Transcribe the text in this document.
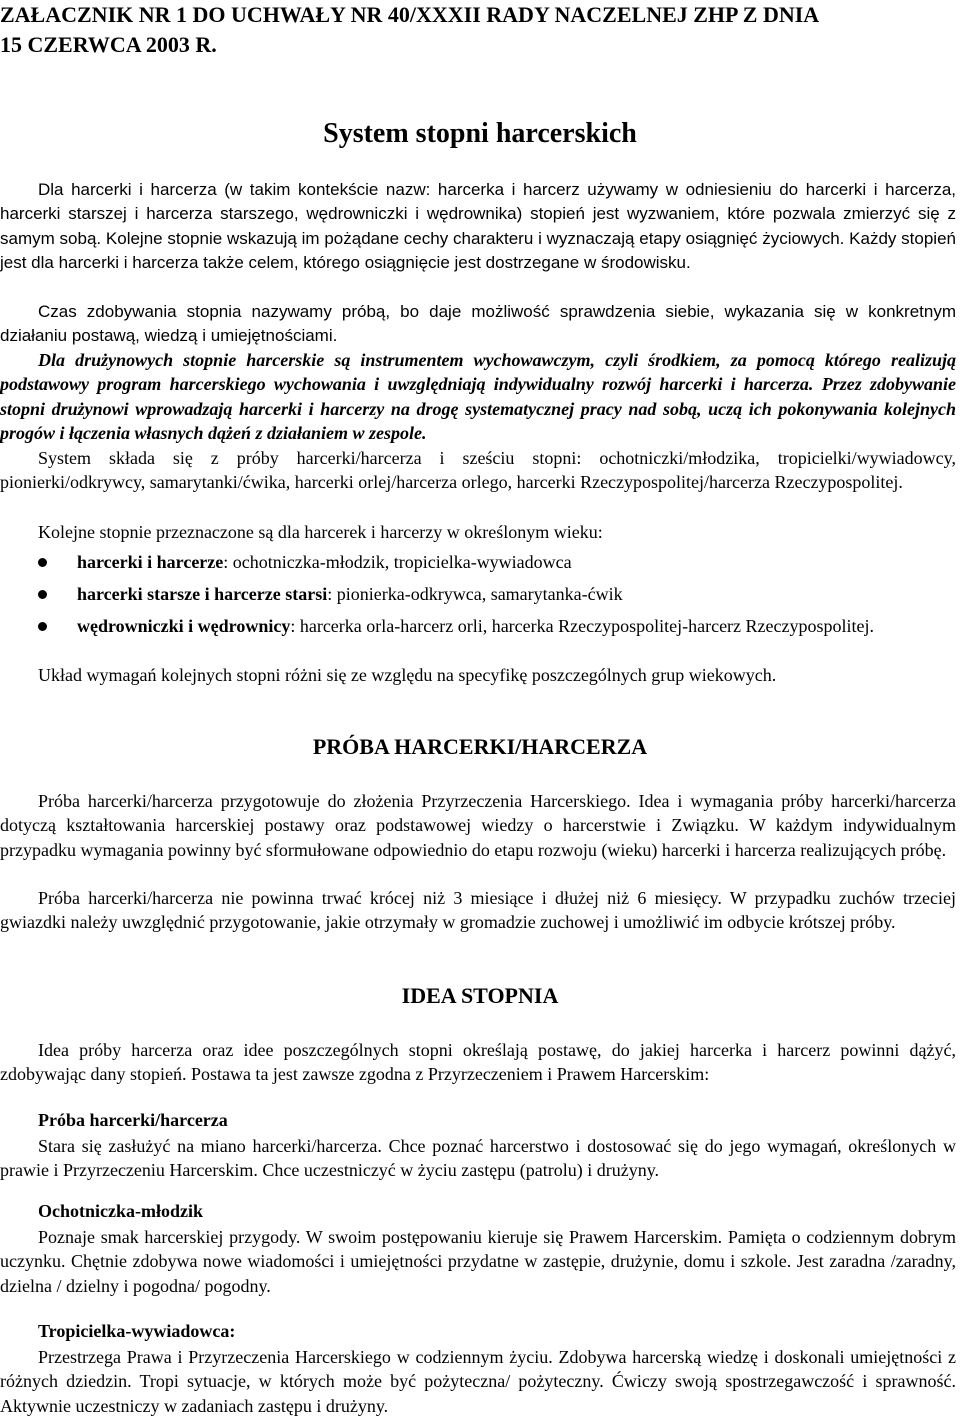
ZAŁACZNIK NR 1 DO UCHWAŁY NR 40/XXXII RADY NACZELNEJ ZHP Z DNIA
15 CZERWCA 2003 R.
System stopni harcerskich

Dla harcerki i harcerza (w takim kontekście nazw: harcerka i harcerz używamy w odniesieniu do harcerki i harcerza, harcerki starszej i harcerza starszego, wędrowniczki i wędrownika) stopień jest wyzwaniem, które pozwala zmierzyć się z samym sobą. Kolejne stopnie wskazują im pożądane cechy charakteru i wyznaczają etapy osiągnięć życiowych. Każdy stopień jest dla harcerki i harcerza także celem, którego osiągnięcie jest dostrzegane w środowisku.

Czas zdobywania stopnia nazywamy próbą, bo daje możliwość sprawdzenia siebie, wykazania się w konkretnym działaniu postawą, wiedzą i umiejętnościami.

Dla drużynowych stopnie harcerskie są instrumentem wychowawczym, czyli środkiem, za pomocą którego realizują podstawowy program harcerskiego wychowania i uwzględniają indywidualny rozwój harcerki i harcerza. Przez zdobywanie stopni drużynowi wprowadzają harcerki i harcerzy na drogę systematycznej pracy nad sobą, uczą ich pokonywania kolejnych progów i łączenia własnych dążeń z działaniem w zespole.

System składa się z próby harcerki/harcerza i sześciu stopni: ochotniczki/młodzika, tropicielki/wywiadowcy, pionierki/odkrywcy, samarytanki/ćwika, harcerki orlej/harcerza orlego, harcerki Rzeczypospolitej/harcerza Rzeczypospolitej.

Kolejne stopnie przeznaczone są dla harcerek i harcerzy w określonym wieku:

harcerki i harcerze: ochotniczka-młodzik, tropicielka-wywiadowca
harcerki starsze i harcerze starsi: pionierka-odkrywca, samarytanka-ćwik
wędrowniczki i wędrownicy: harcerka orla-harcerz orli, harcerka Rzeczypospolitej-harcerz Rzeczypospolitej.

Układ wymagań kolejnych stopni różni się ze względu na specyfikę poszczególnych grup wiekowych.

PRÓBA HARCERKI/HARCERZA

Próba harcerki/harcerza przygotowuje do złożenia Przyrzeczenia Harcerskiego. Idea i wymagania próby harcerki/harcerza dotyczą kształtowania harcerskiej postawy oraz podstawowej wiedzy o harcerstwie i Związku. W każdym indywidualnym przypadku wymagania powinny być sformułowane odpowiednio do etapu rozwoju (wieku) harcerki i harcerza realizujących próbę.

Próba harcerki/harcerza nie powinna trwać krócej niż 3 miesiące i dłużej niż 6 miesięcy. W przypadku zuchów trzeciej gwiazdki należy uwzględnić przygotowanie, jakie otrzymały w gromadzie zuchowej i umożliwić im odbycie krótszej próby.

IDEA STOPNIA

Idea próby harcerza oraz idee poszczególnych stopni określają postawę, do jakiej harcerka i harcerz powinni dążyć, zdobywając dany stopień. Postawa ta jest zawsze zgodna z Przyrzeczeniem i Prawem Harcerskim:

Próba harcerki/harcerza

Stara się zasłużyć na miano harcerki/harcerza. Chce poznać harcerstwo i dostosować się do jego wymagań, określonych w prawie i Przyrzeczeniu Harcerskim. Chce uczestniczyć w życiu zastępu (patrolu) i drużyny.

Ochotniczka-młodzik

Poznaje smak harcerskiej przygody. W swoim postępowaniu kieruje się Prawem Harcerskim. Pamięta o codziennym dobrym uczynku. Chętnie zdobywa nowe wiadomości i umiejętności przydatne w zastępie, drużynie, domu i szkole. Jest zaradna /zaradny, dzielna / dzielny i pogodna/ pogodny.

Tropicielka-wywiadowca:

Przestrzega Prawa i Przyrzeczenia Harcerskiego w codziennym życiu. Zdobywa harcerską wiedzę i doskonali umiejętności z różnych dziedzin. Tropi sytuacje, w których może być pożyteczna/ pożyteczny. Ćwiczy swoją spostrzegawczość i sprawność. Aktywnie uczestniczy w zadaniach zastępu i drużyny.
